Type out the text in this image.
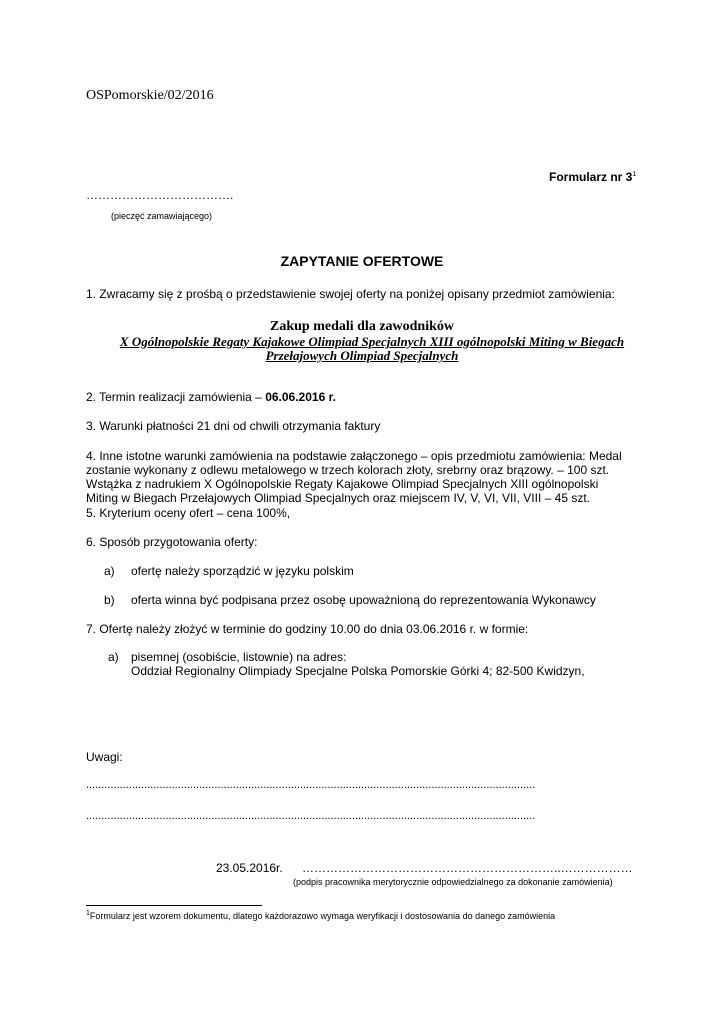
OSPomorskie/02/2016
Formularz nr $3^1$
……………………………….
(pieczęć zamawiającego)
ZAPYTANIE OFERTOWE
1. Zwracamy się z prośbą o przedstawienie swojej oferty na poniżej opisany przedmiot zamówienia:
Zakup medali dla zawodników
X Ogólnopolskie Regaty Kajakowe Olimpiad Specjalnych XIII ogólnopolski Miting w Biegach
Przełajowych Olimpiad Specjalnych
2. Termin realizacji zamówienia – 06.06.2016 r.
3. Warunki płatności 21 dni od chwili otrzymania faktury
4. Inne istotne warunki zamówienia na podstawie załączonego – opis przedmiotu zamówienia: Medal
zostanie wykonany z odlewu metalowego w trzech kolorach złoty, srebrny oraz brązowy. – 100 szt.
Wstążka z nadrukiem X Ogólnopolskie Regaty Kajakowe Olimpiad Specjalnych XIII ogólnopolski
Miting w Biegach Przełajowych Olimpiad Specjalnych oraz miejscem IV, V, VI, VII, VIII – 45 szt.
5. Kryterium oceny ofert – cena 100%,
6. Sposób przygotowania oferty:
a) ofertę należy sporządzić w języku polskim
b) oferta winna być podpisana przez osobę upoważnioną do reprezentowania Wykonawcy
7. Ofertę należy złożyć w terminie do godziny 10.00 do dnia 03.06.2016 r. w formie:
a) pisemnej (osobiście, listownie) na adres:
Oddział Regionalny Olimpiady Specjalne Polska Pomorskie Górki 4; 82-500 Kwidzyn,
Uwagi:
...................................................................................................................................................
...................................................................................................................................................
23.05.2016r. ………………………………………………………..………………
(podpis pracownika merytorycznie odpowiedzialnego za dokonanie zamówienia)
$^1$Formularz jest wzorem dokumentu, dlatego każdorazowo wymaga weryfikacji i dostosowania do danego zamówienia
